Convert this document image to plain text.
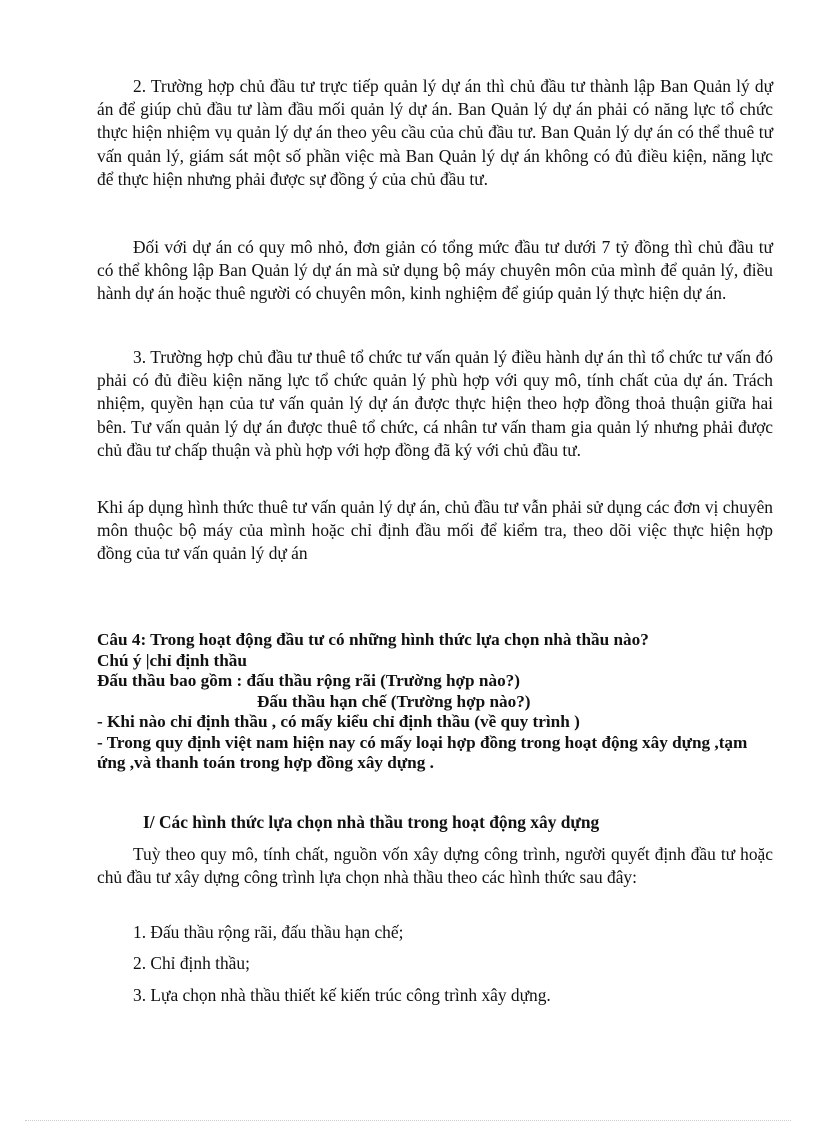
2. Trường hợp chủ đầu tư trực tiếp quản lý dự án thì chủ đầu tư thành lập Ban Quản lý dự án để giúp chủ đầu tư làm đầu mối quản lý dự án. Ban Quản lý dự án phải có năng lực tổ chức thực hiện nhiệm vụ quản lý dự án theo yêu cầu của chủ đầu tư. Ban Quản lý dự án có thể thuê tư vấn quản lý, giám sát một số phần việc mà Ban Quản lý dự án không có đủ điều kiện, năng lực để thực hiện nhưng phải được sự đồng ý của chủ đầu tư.

Đối với dự án có quy mô nhỏ, đơn giản có tổng mức đầu tư dưới 7 tỷ đồng thì chủ đầu tư có thể không lập Ban Quản lý dự án mà sử dụng bộ máy chuyên môn của mình để quản lý, điều hành dự án hoặc thuê người có chuyên môn, kinh nghiệm để giúp quản lý thực hiện dự án.

3. Trường hợp chủ đầu tư thuê tổ chức tư vấn quản lý điều hành dự án thì tổ chức tư vấn đó phải có đủ điều kiện năng lực tổ chức quản lý phù hợp với quy mô, tính chất của dự án. Trách nhiệm, quyền hạn của tư vấn quản lý dự án được thực hiện theo hợp đồng thoả thuận giữa hai bên. Tư vấn quản lý dự án được thuê tổ chức, cá nhân tư vấn tham gia quản lý nhưng phải được chủ đầu tư chấp thuận và phù hợp với hợp đồng đã ký với chủ đầu tư.

Khi áp dụng hình thức thuê tư vấn quản lý dự án, chủ đầu tư vẫn phải sử dụng các đơn vị chuyên môn thuộc bộ máy của mình hoặc chỉ định đầu mối để kiểm tra, theo dõi việc thực hiện hợp đồng của tư vấn quản lý dự án

Câu 4: Trong hoạt động đầu tư có những hình thức lựa chọn nhà thầu nào?
Chú ý |chỉ định thầu
Đấu thầu bao gồm : đấu thầu rộng rãi (Trường hợp nào?)
Đấu thầu hạn chế (Trường hợp nào?)
- Khi nào chỉ định thầu , có mấy kiểu chỉ định thầu (về quy trình )
- Trong quy định việt nam hiện nay có mấy loại hợp đồng trong hoạt động xây dựng ,tạm ứng ,và thanh toán trong hợp đồng xây dựng .

I/ Các hình thức lựa chọn nhà thầu trong hoạt động xây dựng

Tuỳ theo quy mô, tính chất, nguồn vốn xây dựng công trình, người quyết định đầu tư hoặc chủ đầu tư xây dựng công trình lựa chọn nhà thầu theo các hình thức sau đây:

1. Đấu thầu rộng rãi, đấu thầu hạn chế;

2. Chỉ định thầu;

3. Lựa chọn nhà thầu thiết kế kiến trúc công trình xây dựng.
